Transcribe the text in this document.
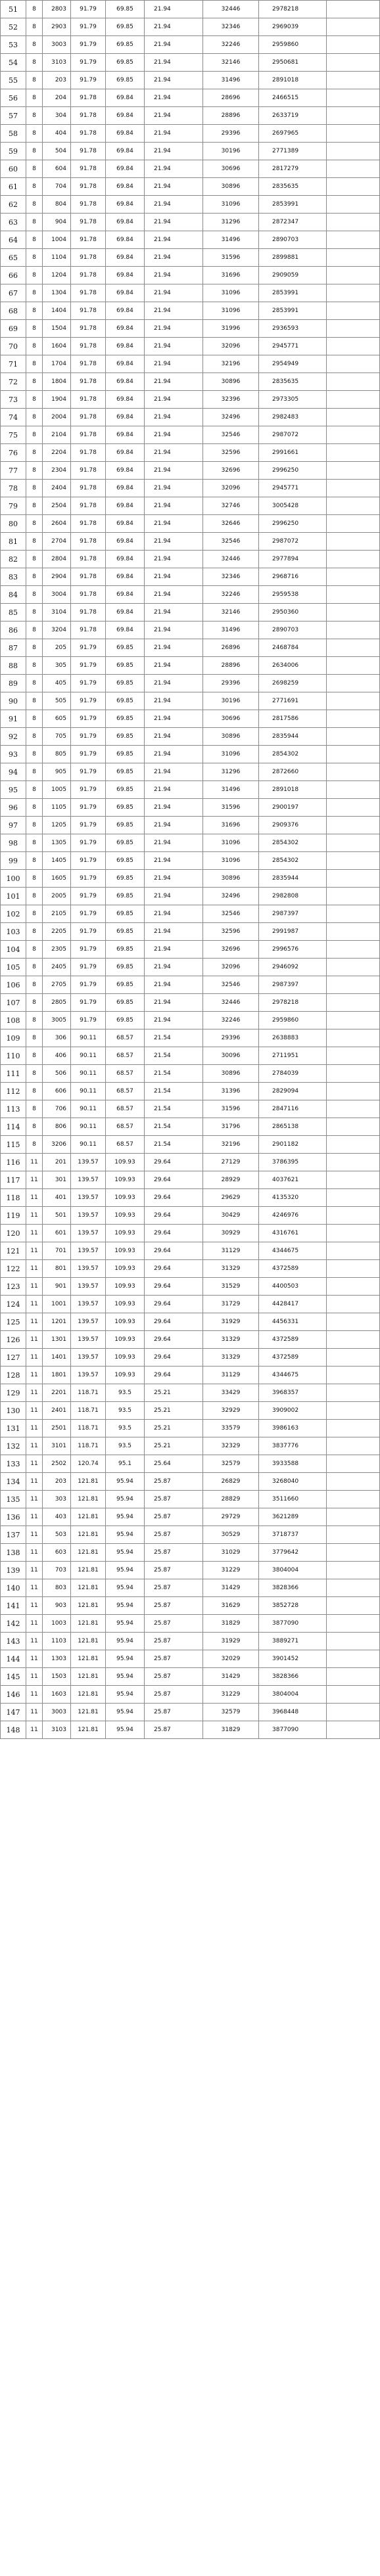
51	8	2803	91.79	69.85	21.94	32446	2978218	
52	8	2903	91.79	69.85	21.94	32346	2969039	
53	8	3003	91.79	69.85	21.94	32246	2959860	
54	8	3103	91.79	69.85	21.94	32146	2950681	
55	8	203	91.79	69.85	21.94	31496	2891018	
56	8	204	91.78	69.84	21.94	28696	2466515	
57	8	304	91.78	69.84	21.94	28896	2633719	
58	8	404	91.78	69.84	21.94	29396	2697965	
59	8	504	91.78	69.84	21.94	30196	2771389	
60	8	604	91.78	69.84	21.94	30696	2817279	
61	8	704	91.78	69.84	21.94	30896	2835635	
62	8	804	91.78	69.84	21.94	31096	2853991	
63	8	904	91.78	69.84	21.94	31296	2872347	
64	8	1004	91.78	69.84	21.94	31496	2890703	
65	8	1104	91.78	69.84	21.94	31596	2899881	
66	8	1204	91.78	69.84	21.94	31696	2909059	
67	8	1304	91.78	69.84	21.94	31096	2853991	
68	8	1404	91.78	69.84	21.94	31096	2853991	
69	8	1504	91.78	69.84	21.94	31996	2936593	
70	8	1604	91.78	69.84	21.94	32096	2945771	
71	8	1704	91.78	69.84	21.94	32196	2954949	
72	8	1804	91.78	69.84	21.94	30896	2835635	
73	8	1904	91.78	69.84	21.94	32396	2973305	
74	8	2004	91.78	69.84	21.94	32496	2982483	
75	8	2104	91.78	69.84	21.94	32546	2987072	
76	8	2204	91.78	69.84	21.94	32596	2991661	
77	8	2304	91.78	69.84	21.94	32696	2996250	
78	8	2404	91.78	69.84	21.94	32096	2945771	
79	8	2504	91.78	69.84	21.94	32746	3005428	
80	8	2604	91.78	69.84	21.94	32646	2996250	
81	8	2704	91.78	69.84	21.94	32546	2987072	
82	8	2804	91.78	69.84	21.94	32446	2977894	
83	8	2904	91.78	69.84	21.94	32346	2968716	
84	8	3004	91.78	69.84	21.94	32246	2959538	
85	8	3104	91.78	69.84	21.94	32146	2950360	
86	8	3204	91.78	69.84	21.94	31496	2890703	
87	8	205	91.79	69.85	21.94	26896	2468784	
88	8	305	91.79	69.85	21.94	28896	2634006	
89	8	405	91.79	69.85	21.94	29396	2698259	
90	8	505	91.79	69.85	21.94	30196	2771691	
91	8	605	91.79	69.85	21.94	30696	2817586	
92	8	705	91.79	69.85	21.94	30896	2835944	
93	8	805	91.79	69.85	21.94	31096	2854302	
94	8	905	91.79	69.85	21.94	31296	2872660	
95	8	1005	91.79	69.85	21.94	31496	2891018	
96	8	1105	91.79	69.85	21.94	31596	2900197	
97	8	1205	91.79	69.85	21.94	31696	2909376	
98	8	1305	91.79	69.85	21.94	31096	2854302	
99	8	1405	91.79	69.85	21.94	31096	2854302	
100	8	1605	91.79	69.85	21.94	30896	2835944	
101	8	2005	91.79	69.85	21.94	32496	2982808	
102	8	2105	91.79	69.85	21.94	32546	2987397	
103	8	2205	91.79	69.85	21.94	32596	2991987	
104	8	2305	91.79	69.85	21.94	32696	2996576	
105	8	2405	91.79	69.85	21.94	32096	2946092	
106	8	2705	91.79	69.85	21.94	32546	2987397	
107	8	2805	91.79	69.85	21.94	32446	2978218	
108	8	3005	91.79	69.85	21.94	32246	2959860	
109	8	306	90.11	68.57	21.54	29396	2638883	
110	8	406	90.11	68.57	21.54	30096	2711951	
111	8	506	90.11	68.57	21.54	30896	2784039	
112	8	606	90.11	68.57	21.54	31396	2829094	
113	8	706	90.11	68.57	21.54	31596	2847116	
114	8	806	90.11	68.57	21.54	31796	2865138	
115	8	3206	90.11	68.57	21.54	32196	2901182	
116	11	201	139.57	109.93	29.64	27129	3786395	
117	11	301	139.57	109.93	29.64	28929	4037621	
118	11	401	139.57	109.93	29.64	29629	4135320	
119	11	501	139.57	109.93	29.64	30429	4246976	
120	11	601	139.57	109.93	29.64	30929	4316761	
121	11	701	139.57	109.93	29.64	31129	4344675	
122	11	801	139.57	109.93	29.64	31329	4372589	
123	11	901	139.57	109.93	29.64	31529	4400503	
124	11	1001	139.57	109.93	29.64	31729	4428417	
125	11	1201	139.57	109.93	29.64	31929	4456331	
126	11	1301	139.57	109.93	29.64	31329	4372589	
127	11	1401	139.57	109.93	29.64	31329	4372589	
128	11	1801	139.57	109.93	29.64	31129	4344675	
129	11	2201	118.71	93.5	25.21	33429	3968357	
130	11	2401	118.71	93.5	25.21	32929	3909002	
131	11	2501	118.71	93.5	25.21	33579	3986163	
132	11	3101	118.71	93.5	25.21	32329	3837776	
133	11	2502	120.74	95.1	25.64	32579	3933588	
134	11	203	121.81	95.94	25.87	26829	3268040	
135	11	303	121.81	95.94	25.87	28829	3511660	
136	11	403	121.81	95.94	25.87	29729	3621289	
137	11	503	121.81	95.94	25.87	30529	3718737	
138	11	603	121.81	95.94	25.87	31029	3779642	
139	11	703	121.81	95.94	25.87	31229	3804004	
140	11	803	121.81	95.94	25.87	31429	3828366	
141	11	903	121.81	95.94	25.87	31629	3852728	
142	11	1003	121.81	95.94	25.87	31829	3877090	
143	11	1103	121.81	95.94	25.87	31929	3889271	
144	11	1303	121.81	95.94	25.87	32029	3901452	
145	11	1503	121.81	95.94	25.87	31429	3828366	
146	11	1603	121.81	95.94	25.87	31229	3804004	
147	11	3003	121.81	95.94	25.87	32579	3968448	
148	11	3103	121.81	95.94	25.87	31829	3877090	
